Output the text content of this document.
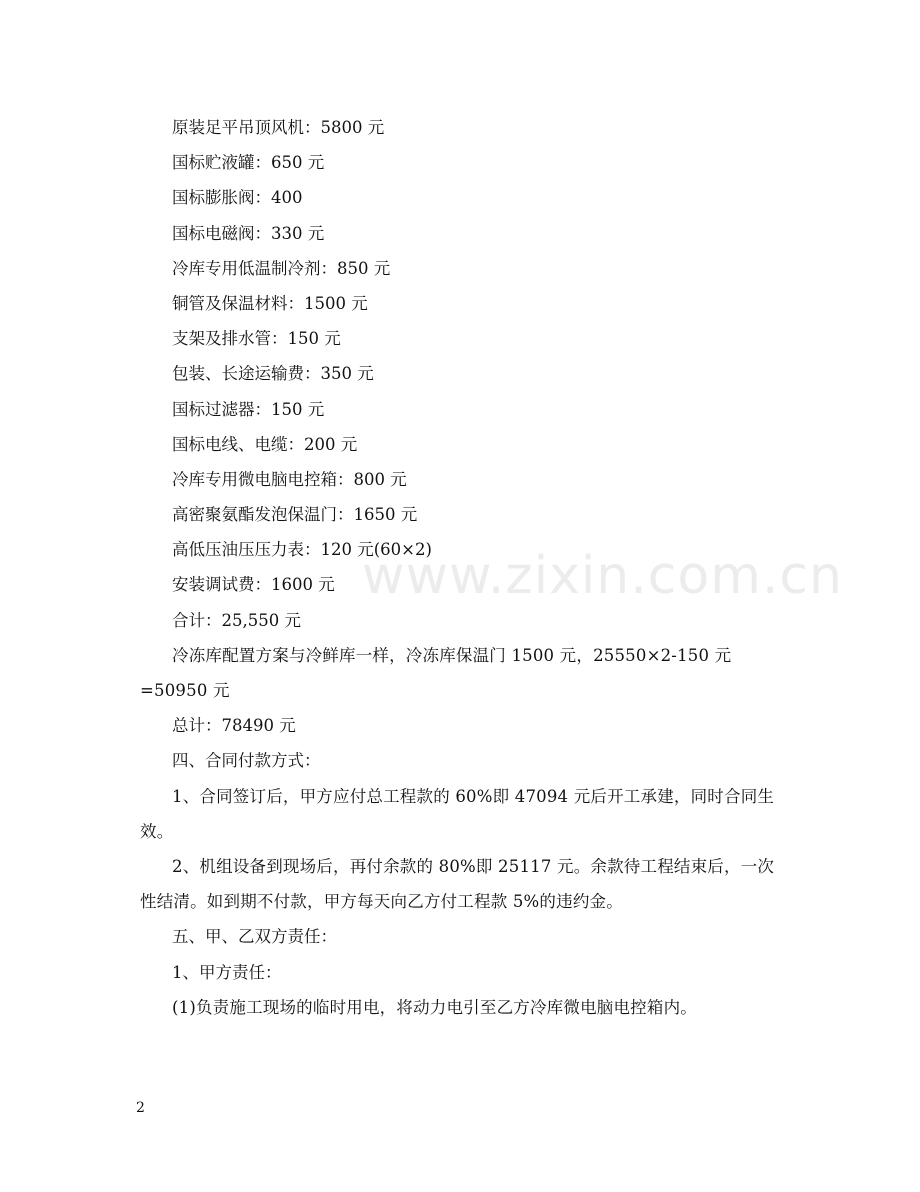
www.zixin.com.cn
原装足平吊顶风机：5800 元
国标贮液罐：650 元
国标膨胀阀：400
国标电磁阀：330 元
冷库专用低温制冷剂：850 元
铜管及保温材料：1500 元
支架及排水管：150 元
包装、长途运输费：350 元
国标过滤器：150 元
国标电线、电缆：200 元
冷库专用微电脑电控箱：800 元
高密聚氨酯发泡保温门：1650 元
高低压油压压力表：120 元(60×2)
安装调试费：1600 元
合计：25,550 元

冷冻库配置方案与冷鲜库一样，冷冻库保温门 1500 元，25550×2-150 元=50950 元

总计：78490 元
四、合同付款方式：

1、合同签订后，甲方应付总工程款的 60%即 47094 元后开工承建，同时合同生效。

2、机组设备到现场后，再付余款的 80%即 25117 元。余款待工程结束后，一次性结清。如到期不付款，甲方每天向乙方付工程款 5%的违约金。

五、甲、乙双方责任：
1、甲方责任：

(1)负责施工现场的临时用电，将动力电引至乙方冷库微电脑电控箱内。

2
